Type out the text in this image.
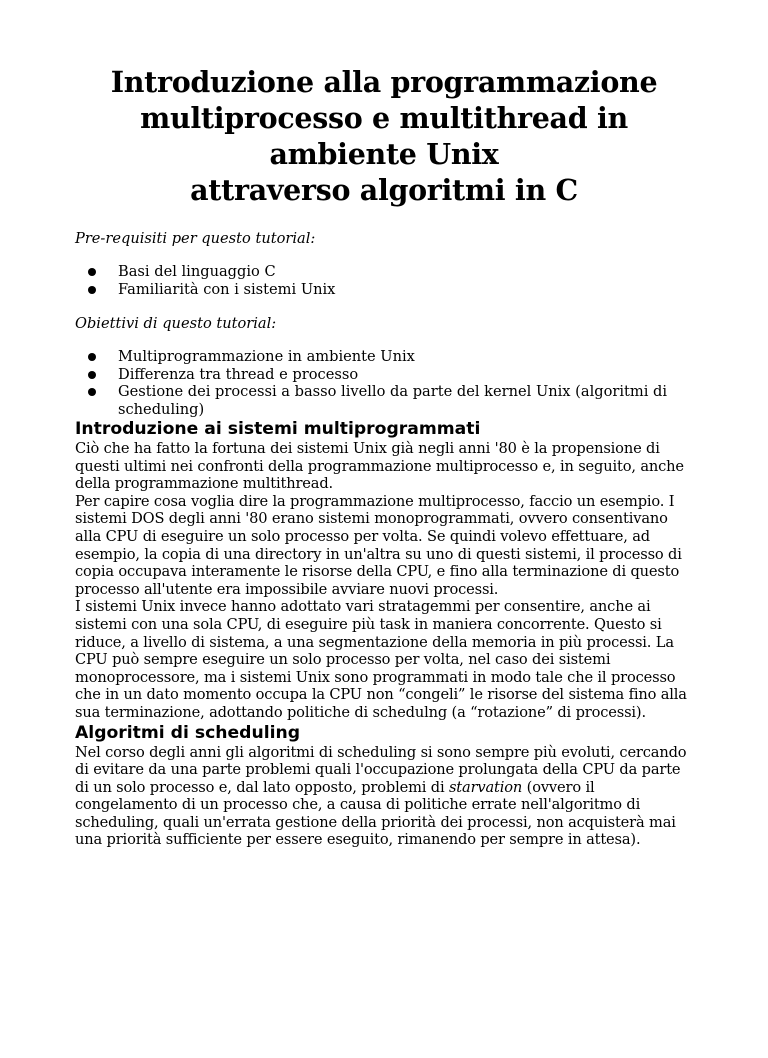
Introduzione alla programmazione
multiprocesso e multithread in ambiente Unix
attraverso algoritmi in C

Pre-requisiti per questo tutorial:

Basi del linguaggio C
Familiarità con i sistemi Unix

Obiettivi di questo tutorial:

Multiprogrammazione in ambiente Unix
Differenza tra thread e processo
Gestione dei processi a basso livello da parte del kernel Unix (algoritmi di scheduling)
Introduzione ai sistemi multiprogrammati

Ciò che ha fatto la fortuna dei sistemi Unix già negli anni '80 è la propensione di questi ultimi nei confronti della programmazione multiprocesso e, in seguito, anche della programmazione multithread.

Per capire cosa voglia dire la programmazione multiprocesso, faccio un esempio. I sistemi DOS degli anni '80 erano sistemi monoprogrammati, ovvero consentivano alla CPU di eseguire un solo processo per volta. Se quindi volevo effettuare, ad esempio, la copia di una directory in un'altra su uno di questi sistemi, il processo di copia occupava interamente le risorse della CPU, e fino alla terminazione di questo processo all'utente era impossibile avviare nuovi processi.

I sistemi Unix invece hanno adottato vari stratagemmi per consentire, anche ai sistemi con una sola CPU, di eseguire più task in maniera concorrente. Questo si riduce, a livello di sistema, a una segmentazione della memoria in più processi. La CPU può sempre eseguire un solo processo per volta, nel caso dei sistemi monoprocessore, ma i sistemi Unix sono programmati in modo tale che il processo che in un dato momento occupa la CPU non “congeli” le risorse del sistema fino alla sua terminazione, adottando politiche di schedulng (a “rotazione” di processi).

Algoritmi di scheduling

Nel corso degli anni gli algoritmi di scheduling si sono sempre più evoluti, cercando di evitare da una parte problemi quali l'occupazione prolungata della CPU da parte di un solo processo e, dal lato opposto, problemi di starvation (ovvero il congelamento di un processo che, a causa di politiche errate nell'algoritmo di scheduling, quali un'errata gestione della priorità dei processi, non acquisterà mai una priorità sufficiente per essere eseguito, rimanendo per sempre in attesa).
